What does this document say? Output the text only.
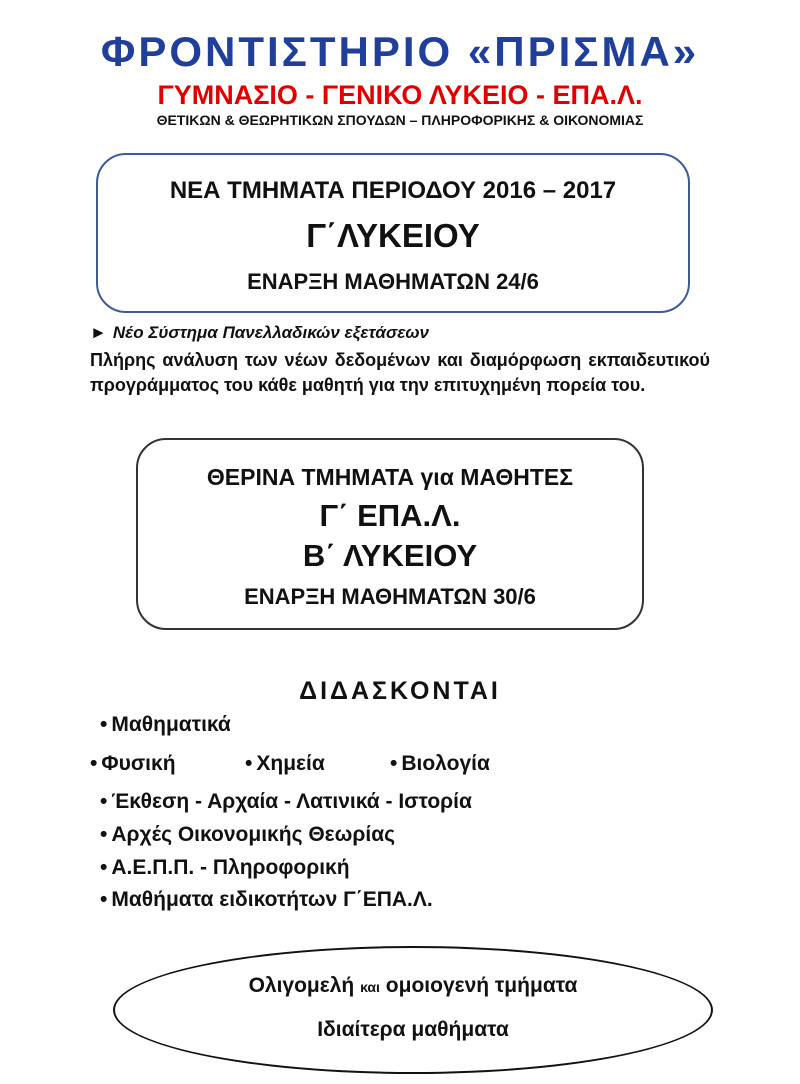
ΦΡΟΝΤΙΣΤΗΡΙΟ «ΠΡΙΣΜΑ»
ΓΥΜΝΑΣΙΟ - ΓΕΝΙΚΟ ΛΥΚΕΙΟ - ΕΠΑ.Λ.
ΘΕΤΙΚΩΝ & ΘΕΩΡΗΤΙΚΩΝ ΣΠΟΥΔΩΝ – ΠΛΗΡΟΦΟΡΙΚΗΣ & ΟΙΚΟΝΟΜΙΑΣ
ΝΕΑ ΤΜΗΜΑΤΑ ΠΕΡΙΟΔΟΥ 2016 – 2017
Γ΄ΛΥΚΕΙΟΥ
ΕΝΑΡΞΗ ΜΑΘΗΜΑΤΩΝ 24/6
► Νέο Σύστημα Πανελλαδικών εξετάσεων
Πλήρης ανάλυση των νέων δεδομένων και διαμόρφωση εκπαιδευτικού προγράμματος του κάθε μαθητή για την επιτυχημένη πορεία του.
ΘΕΡΙΝΑ ΤΜΗΜΑΤΑ για ΜΑΘΗΤΕΣ
Γ΄ ΕΠΑ.Λ.
Β΄ ΛΥΚΕΙΟΥ
ΕΝΑΡΞΗ ΜΑΘΗΜΑΤΩΝ 30/6
ΔΙΔΑΣΚΟΝΤΑΙ
• Μαθηματικά
• Φυσική	• Χημεία	• Βιολογία
• Έκθεση - Αρχαία - Λατινικά - Ιστορία
• Αρχές Οικονομικής Θεωρίας
• Α.Ε.Π.Π. - Πληροφορική
• Μαθήματα ειδικοτήτων Γ΄ΕΠΑ.Λ.
Ολιγομελή και ομοιογενή τμήματα
Ιδιαίτερα μαθήματα
